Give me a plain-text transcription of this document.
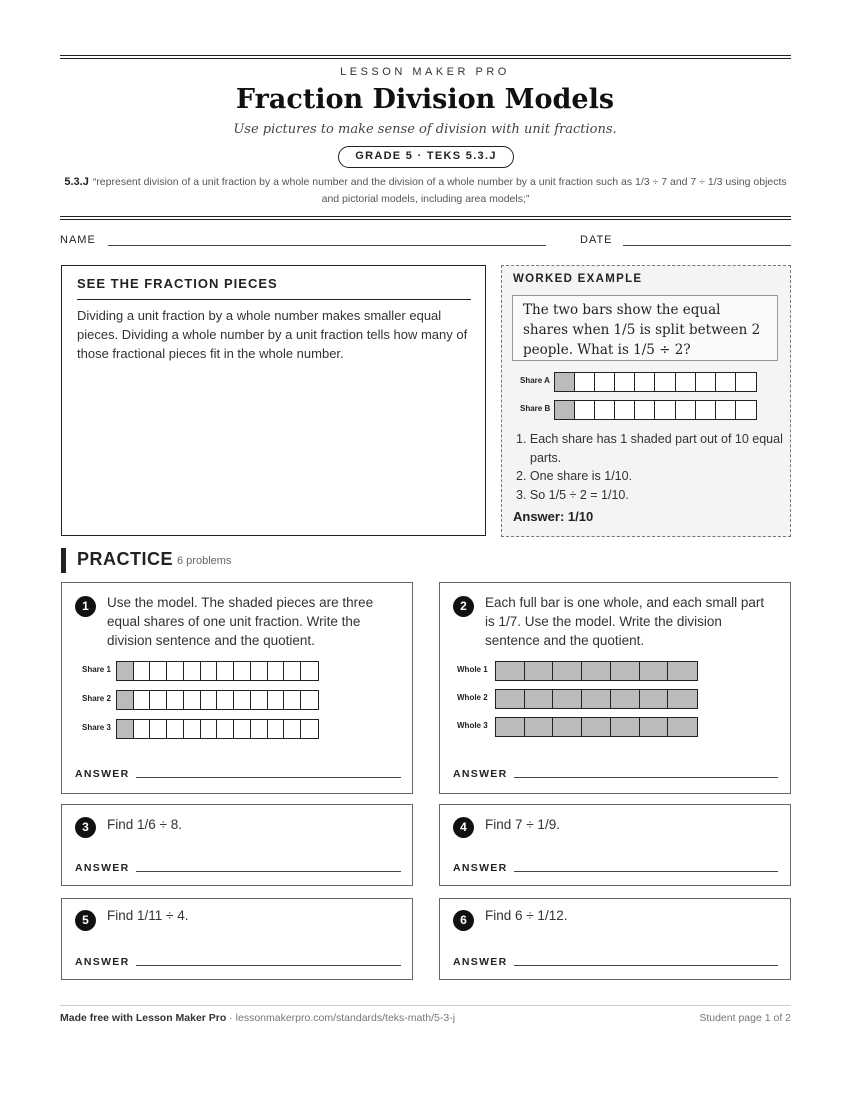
LESSON MAKER PRO
Fraction Division Models
Use pictures to make sense of division with unit fractions.
GRADE 5 · TEKS 5.3.J
5.3.J “represent division of a unit fraction by a whole number and the division of a whole number by a unit fraction such as 1/3 ÷ 7 and 7 ÷ 1/3 using objects and pictorial models, including area models;”
NAME	DATE
SEE THE FRACTION PIECES
Dividing a unit fraction by a whole number makes smaller equal pieces. Dividing a whole number by a unit fraction tells how many of those fractional pieces fit in the whole number.
WORKED EXAMPLE
The two bars show the equal shares when 1/5 is split between 2 people. What is 1/5 ÷ 2?
Share A
Share B
1. Each share has 1 shaded part out of 10 equal parts.
2. One share is 1/10.
3. So 1/5 ÷ 2 = 1/10.
Answer: 1/10
PRACTICE 6 problems
1	Use the model. The shaded pieces are three equal shares of one unit fraction. Write the division sentence and the quotient.
Share 1
Share 2
Share 3
ANSWER
2	Each full bar is one whole, and each small part is 1/7. Use the model. Write the division sentence and the quotient.
Whole 1
Whole 2
Whole 3
ANSWER
3	Find 1/6 ÷ 8.
ANSWER
4	Find 7 ÷ 1/9.
ANSWER
5	Find 1/11 ÷ 4.
ANSWER
6	Find 6 ÷ 1/12.
ANSWER
Made free with Lesson Maker Pro · lessonmakerpro.com/standards/teks-math/5-3-j	Student page 1 of 2
